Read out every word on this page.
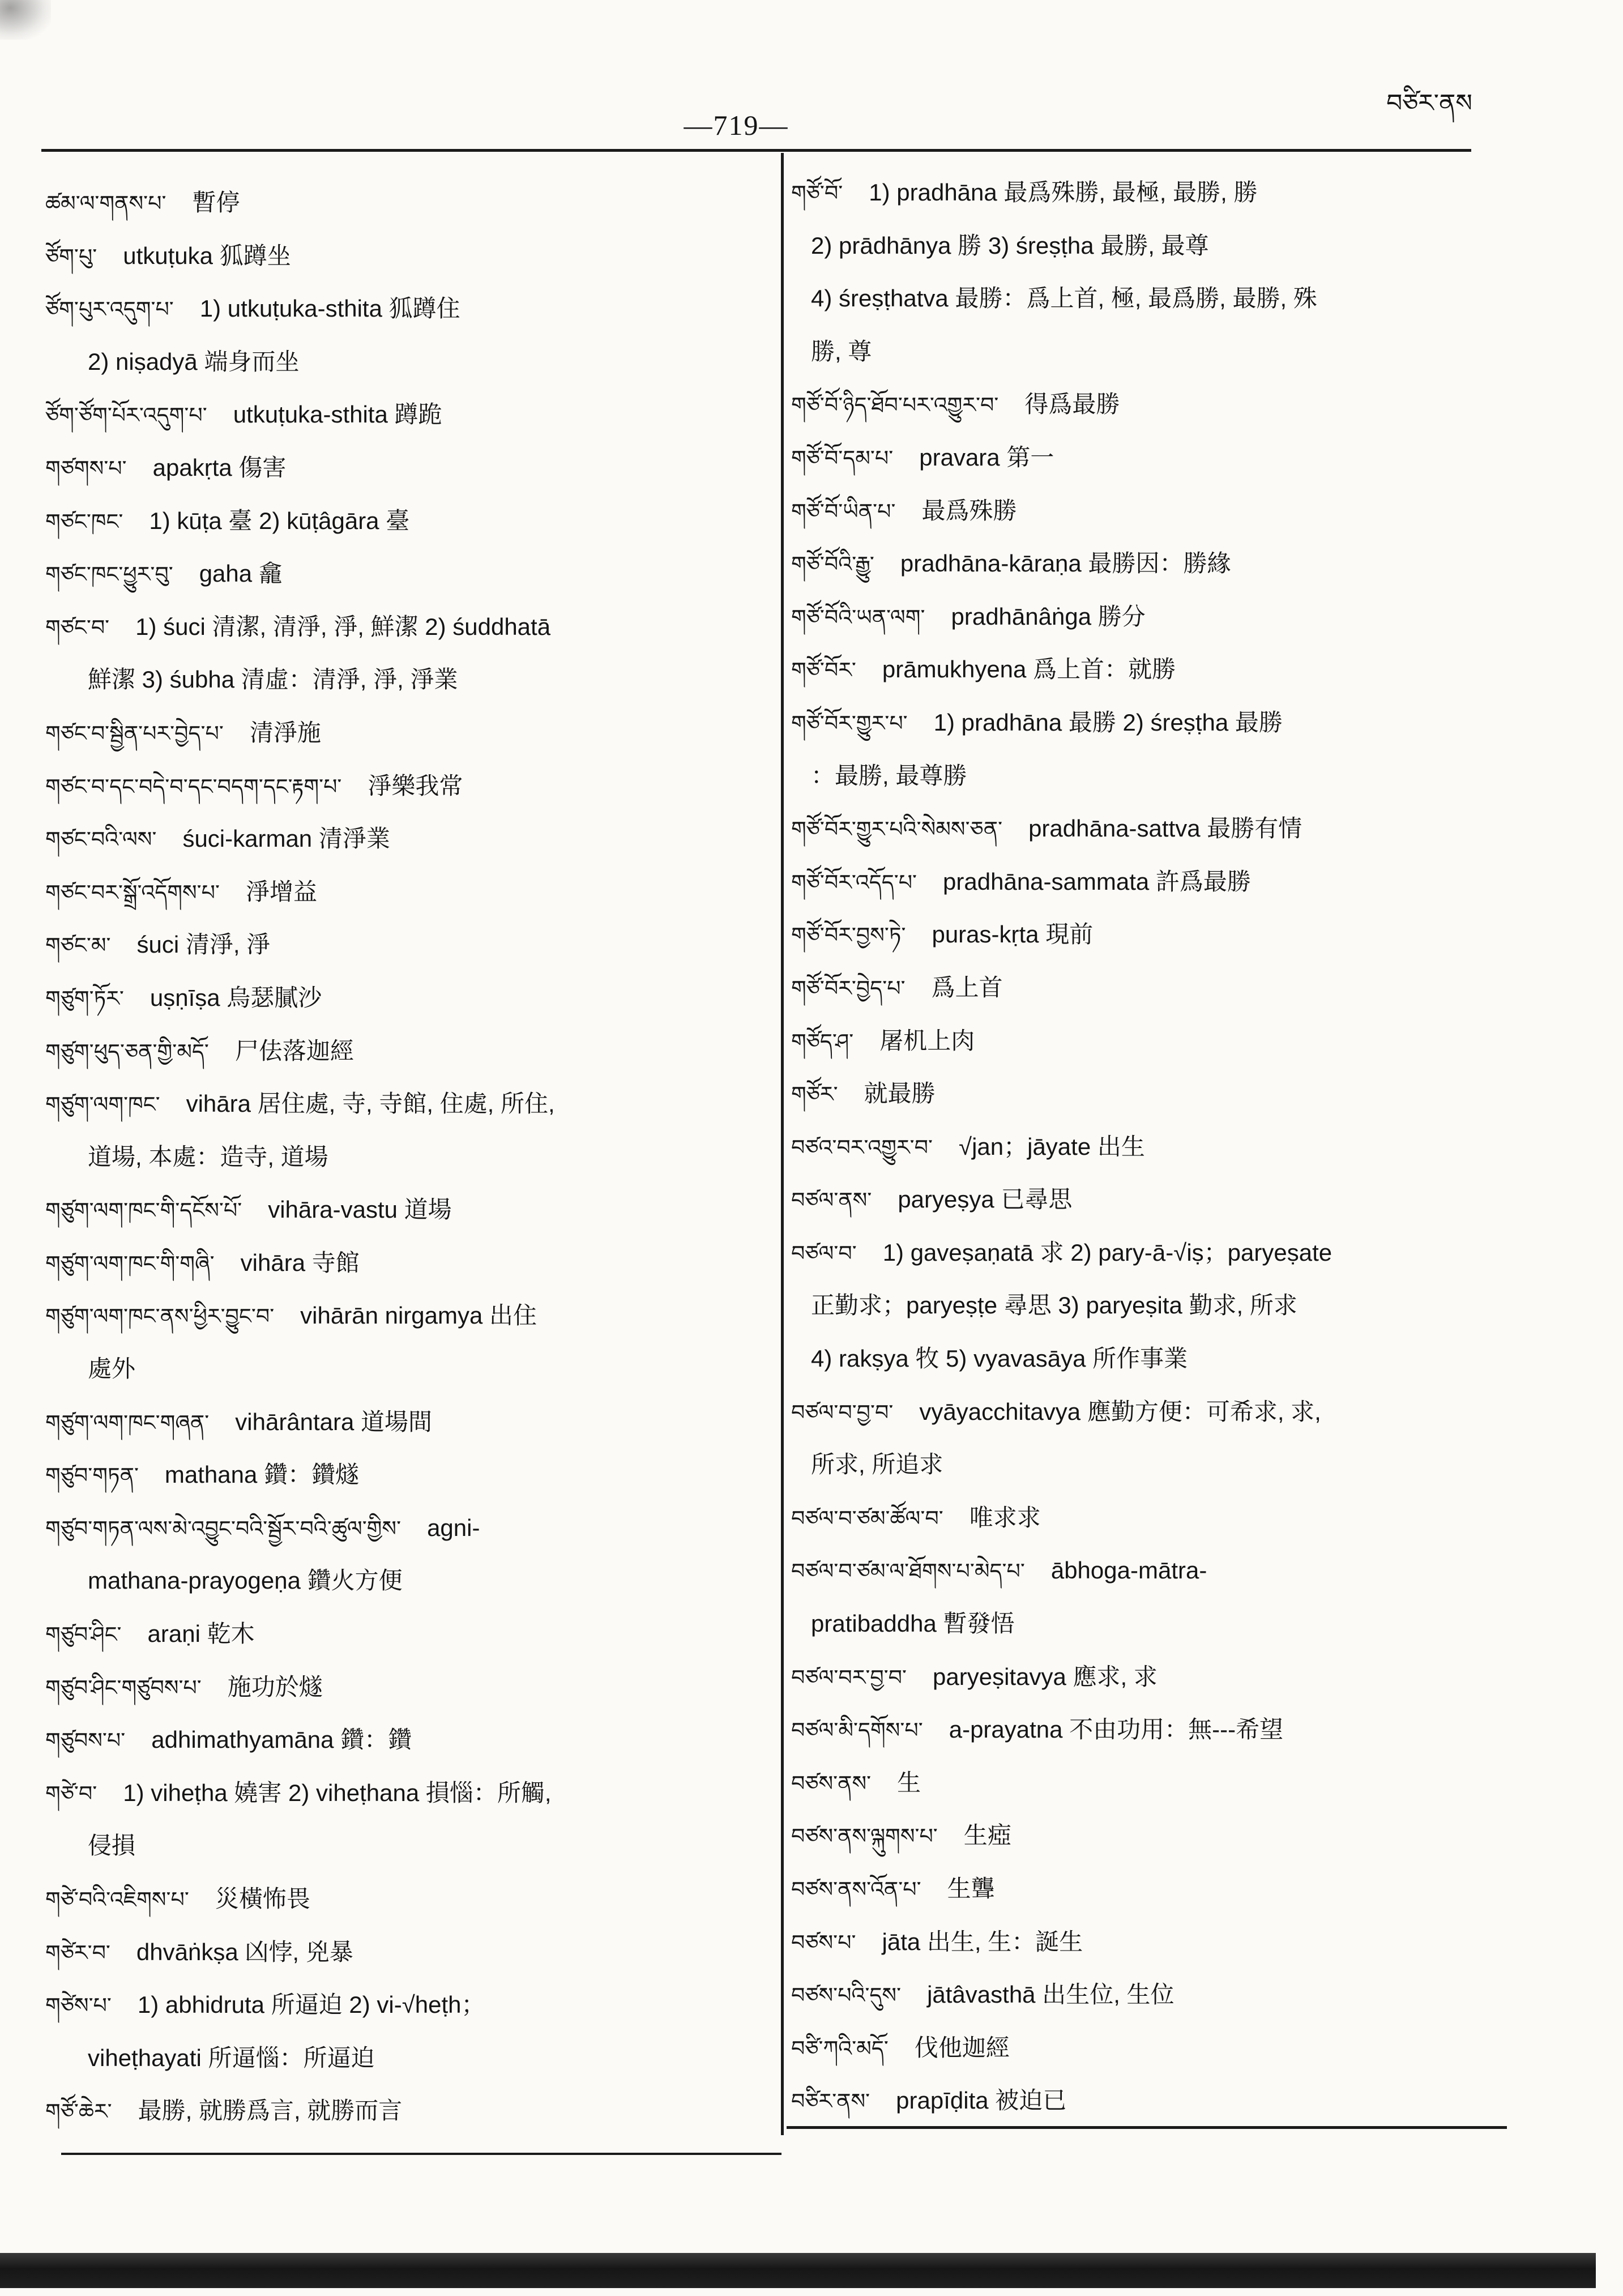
—719—
བཙིར་ནས
ཚམ་ལ་གནས་པ་ 暫停
ཙོག་པུ་ utkuṭuka 狐蹲坐
ཙོག་པུར་འདུག་པ་ 1) utkuṭuka-sthita 狐蹲住
2) niṣadyā 端身而坐
ཙོག་ཙོག་པོར་འདུག་པ་ utkuṭuka-sthita 蹲跪
གཙགས་པ་ apakṛta 傷害
གཙང་ཁང་ 1) kūṭa 臺 2) kūṭâgāra 臺
གཙང་ཁང་ཕྱུར་བུ་ gaha 龕
གཙང་བ་ 1) śuci 清潔, 清淨, 淨, 鮮潔 2) śuddhatā
鮮潔 3) śubha 清虛：清淨, 淨, 淨業
གཙང་བ་སྦྱིན་པར་བྱེད་པ་ 清淨施
གཙང་བ་དང་བདེ་བ་དང་བདག་དང་རྟག་པ་ 淨樂我常
གཙང་བའི་ལས་ śuci-karman 清淨業
གཙང་བར་སྒྲོ་འདོགས་པ་ 淨增益
གཙང་མ་ śuci 清淨, 淨
གཙུག་ཏོར་ uṣṇīṣa 烏瑟膩沙
གཙུག་ཕུད་ཅན་གྱི་མདོ་ 尸佉落迦經
གཙུག་ལག་ཁང་ vihāra 居住處, 寺, 寺館, 住處, 所住,
道場, 本處：造寺, 道場
གཙུག་ལག་ཁང་གི་དངོས་པོ་ vihāra-vastu 道場
གཙུག་ལག་ཁང་གི་གཞི་ vihāra 寺館
གཙུག་ལག་ཁང་ནས་ཕྱིར་བྱུང་བ་ vihārān nirgamya 出住
處外
གཙུག་ལག་ཁང་གཞན་ vihārântara 道場間
གཙུབ་གཏན་ mathana 鑽：鑽燧
གཙུབ་གཏན་ལས་མེ་འབྱུང་བའི་སྦྱོར་བའི་ཚུལ་གྱིས་ agni-
mathana-prayogeṇa 鑽火方便
གཙུབ་ཤིང་ araṇi 乾木
གཙུབ་ཤིང་གཙུབས་པ་ 施功於燧
གཙུབས་པ་ adhimathyamāna 鑽：鑽
གཙེ་བ་ 1) viheṭha 嬈害 2) viheṭhana 損惱：所觸,
侵損
གཙེ་བའི་འཇིགས་པ་ 災橫怖畏
གཙེར་བ་ dhvāṅkṣa 凶悖, 兇暴
གཙེས་པ་ 1) abhidruta 所逼迫 2) vi-√heṭh；
viheṭhayati 所逼惱：所逼迫
གཙོ་ཆེར་ 最勝, 就勝爲言, 就勝而言
གཙོ་བོ་ 1) pradhāna 最爲殊勝, 最極, 最勝, 勝
2) prādhānya 勝 3) śreṣṭha 最勝, 最尊
4) śreṣṭhatva 最勝：爲上首, 極, 最爲勝, 最勝, 殊
勝, 尊
གཙོ་བོ་ཉིད་ཐོབ་པར་འགྱུར་བ་ 得爲最勝
གཙོ་བོ་དམ་པ་ pravara 第一
གཙོ་བོ་ཡིན་པ་ 最爲殊勝
གཙོ་བོའི་རྒྱུ་ pradhāna-kāraṇa 最勝因：勝緣
གཙོ་བོའི་ཡན་ལག་ pradhānâṅga 勝分
གཙོ་བོར་ prāmukhyena 爲上首：就勝
གཙོ་བོར་གྱུར་པ་ 1) pradhāna 最勝 2) śreṣṭha 最勝
：最勝, 最尊勝
གཙོ་བོར་གྱུར་པའི་སེམས་ཅན་ pradhāna-sattva 最勝有情
གཙོ་བོར་འདོད་པ་ pradhāna-sammata 許爲最勝
གཙོ་བོར་བྱས་ཏེ་ puras-kṛta 現前
གཙོ་བོར་བྱེད་པ་ 爲上首
གཙོད་ཤ་ 屠机上肉
གཙོར་ 就最勝
བཙའ་བར་འགྱུར་བ་ √jan；jāyate 出生
བཙལ་ནས་ paryeṣya 已尋思
བཙལ་བ་ 1) gaveṣaṇatā 求 2) pary-ā-√iṣ；paryeṣate
正勤求；paryeṣṭe 尋思 3) paryeṣita 勤求, 所求
4) rakṣya 牧 5) vyavasāya 所作事業
བཙལ་བ་བྱ་བ་ vyāyacchitavya 應勤方便：可希求, 求,
所求, 所追求
བཙལ་བ་ཙམ་ཚོལ་བ་ 唯求求
བཙལ་བ་ཙམ་ལ་ཐོགས་པ་མེད་པ་ ābhoga-mātra-
pratibaddha 暫發悟
བཙལ་བར་བྱ་བ་ paryeṣitavya 應求, 求
བཙལ་མི་དགོས་པ་ a-prayatna 不由功用：無---希望
བཙས་ནས་ 生
བཙས་ནས་ལྐུགས་པ་ 生瘂
བཙས་ནས་འོན་པ་ 生聾
བཙས་པ་ jāta 出生, 生：誕生
བཙས་པའི་དུས་ jātâvasthā 出生位, 生位
བཙི་ཀའི་མདོ་ 伐他迦經
བཙིར་ནས་ prapīḍita 被迫已
